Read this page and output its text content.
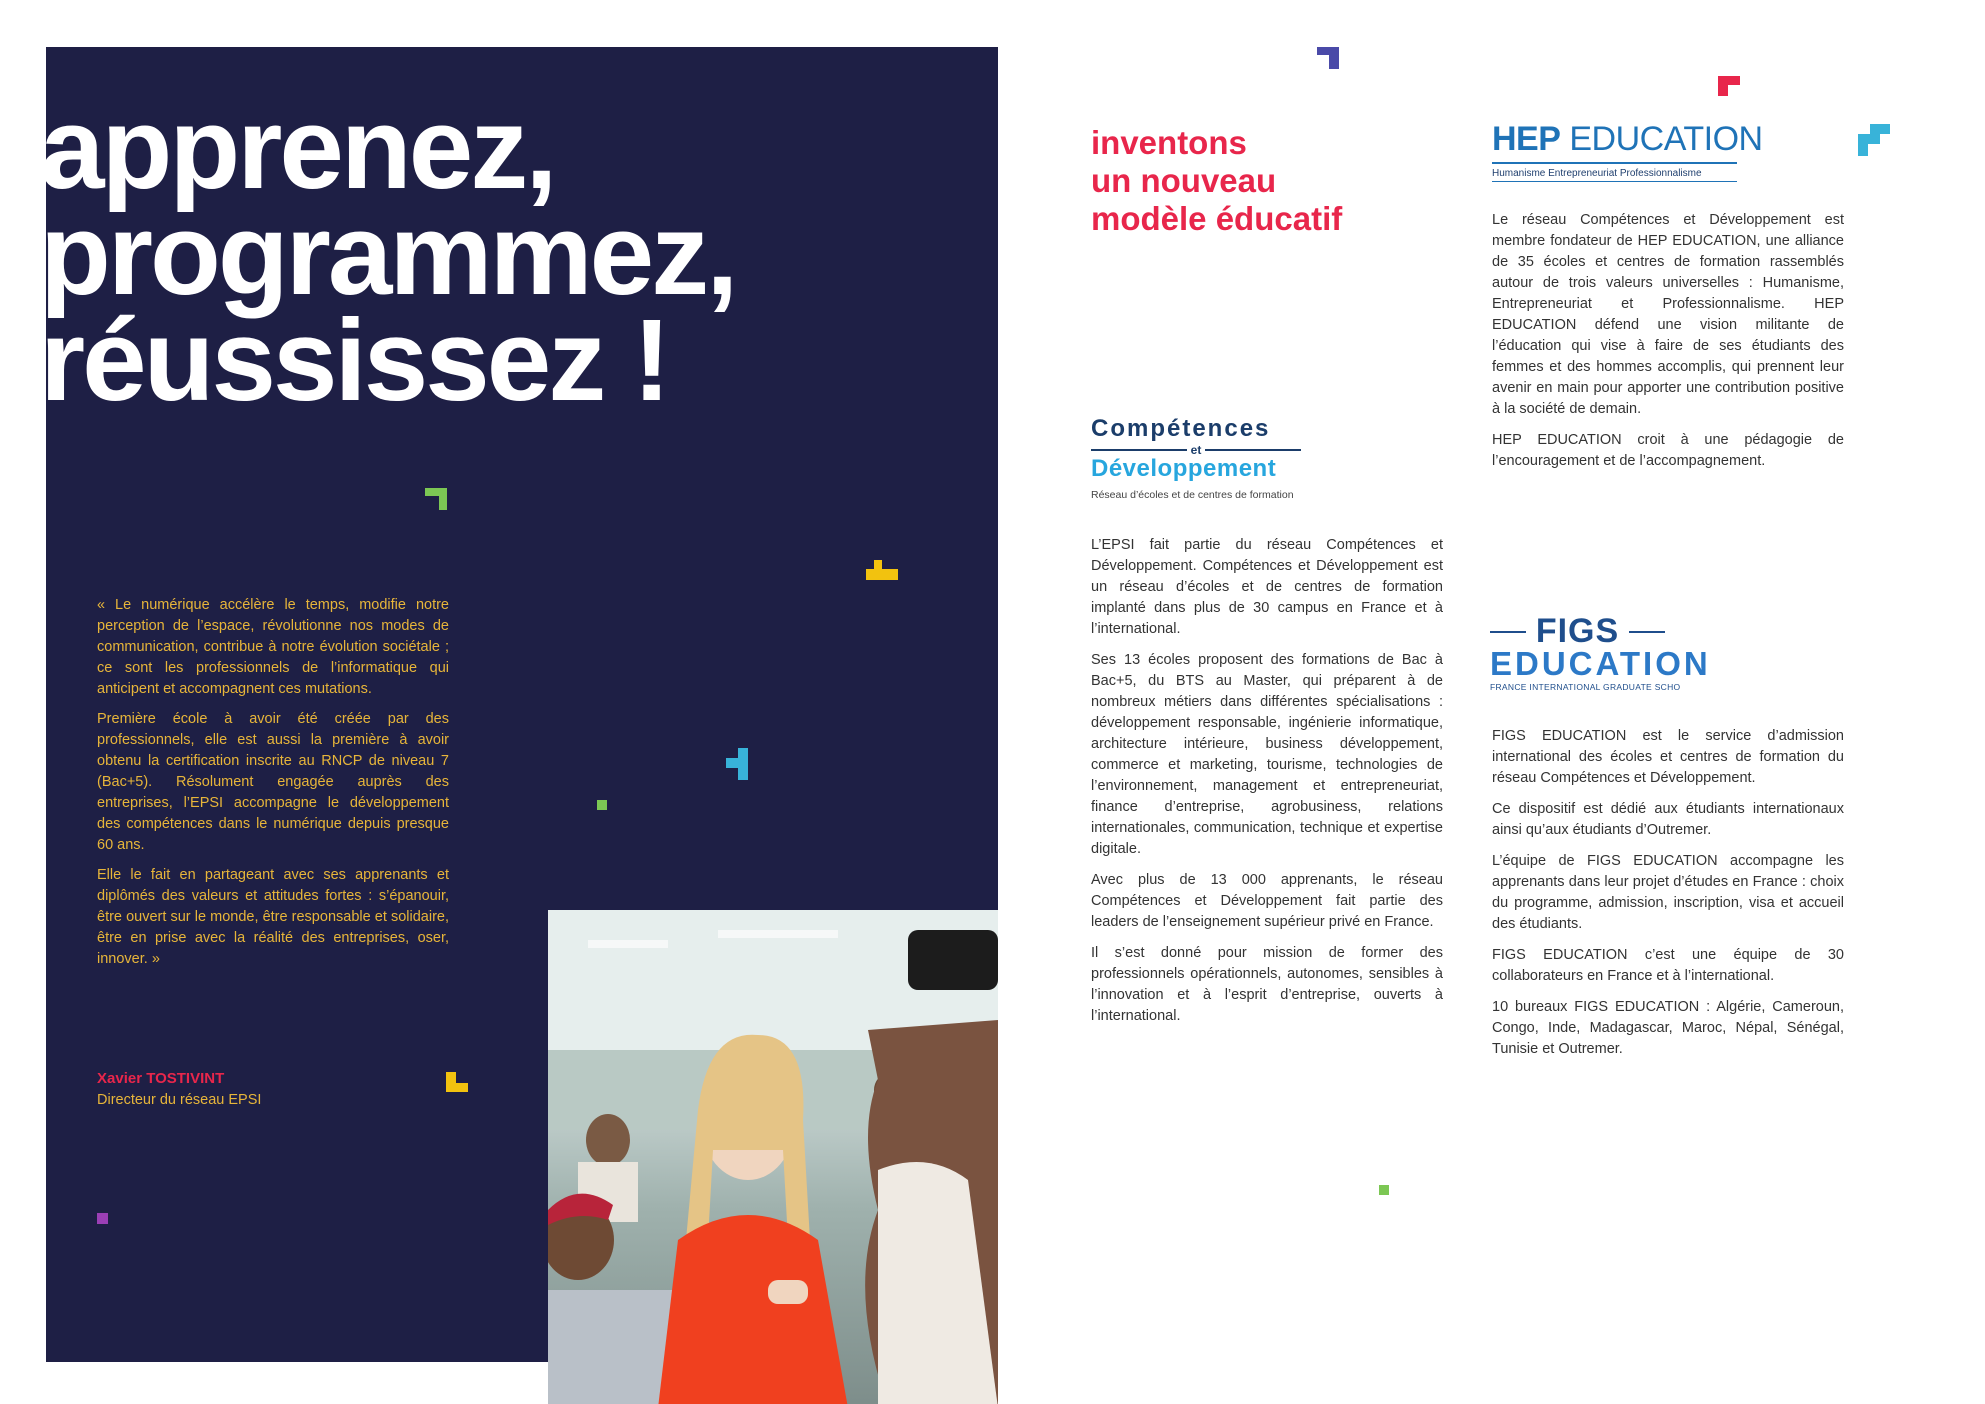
apprenez,
programmez,
réussissez !

« Le numérique accélère le temps, modifie notre perception de l’espace, révolutionne nos modes de communication, contribue à notre évolution sociétale ; ce sont les professionnels de l’informatique qui anticipent et accompagnent ces mutations.

Première école à avoir été créée par des professionnels, elle est aussi la première à avoir obtenu la certification inscrite au RNCP de niveau 7 (Bac+5). Résolument engagée auprès des entreprises, l’EPSI accompagne le développement des compétences dans le numérique depuis presque 60 ans.

Elle le fait en partageant avec ses apprenants et diplômés des valeurs et attitudes fortes : s’épanouir, être ouvert sur le monde, être responsable et solidaire, être en prise avec la réalité des entreprises, oser, innover. »

Xavier TOSTIVINT
Directeur du réseau EPSI
inventons
un nouveau
modèle éducatif
Compétences
et
Développement
Réseau d’écoles et de centres de formation

L’EPSI fait partie du réseau Compétences et Développement. Compétences et Développement est un réseau d’écoles et de centres de formation implanté dans plus de 30 campus en France et à l’international.

Ses 13 écoles proposent des formations de Bac à Bac+5, du BTS au Master, qui préparent à de nombreux métiers dans différentes spécialisations : développement responsable, ingénierie informatique, architecture intérieure, business développement, commerce et marketing, tourisme, technologies de l’environnement, management et entrepreneuriat, finance d’entreprise, agrobusiness, relations internationales, communication, technique et expertise digitale.

Avec plus de 13 000 apprenants, le réseau Compétences et Développement fait partie des leaders de l’enseignement supérieur privé en France.

Il s’est donné pour mission de former des professionnels opérationnels, autonomes, sensibles à l’innovation et à l’esprit d’entreprise, ouverts à l’international.

HEP EDUCATION
Humanisme Entrepreneuriat Professionnalisme

Le réseau Compétences et Développement est membre fondateur de HEP EDUCATION, une alliance de 35 écoles et centres de formation rassemblés autour de trois valeurs universelles : Humanisme, Entrepreneuriat et Professionnalisme. HEP EDUCATION défend une vision militante de l’éducation qui vise à faire de ses étudiants des femmes et des hommes accomplis, qui prennent leur avenir en main pour apporter une contribution positive à la société de demain.

HEP EDUCATION croit à une pédagogie de l’encouragement et de l’accompagnement.

FIGS
EDUCATION
FRANCE INTERNATIONAL GRADUATE SCHO

FIGS EDUCATION est le service d’admission international des écoles et centres de formation du réseau Compétences et Développement.

Ce dispositif est dédié aux étudiants internationaux ainsi qu’aux étudiants d’Outremer.

L’équipe de FIGS EDUCATION accompagne les apprenants dans leur projet d’études en France : choix du programme, admission, inscription, visa et accueil des étudiants.

FIGS EDUCATION c’est une équipe de 30 collaborateurs en France et à l’international.

10 bureaux FIGS EDUCATION : Algérie, Cameroun, Congo, Inde, Madagascar, Maroc, Népal, Sénégal, Tunisie et Outremer.
